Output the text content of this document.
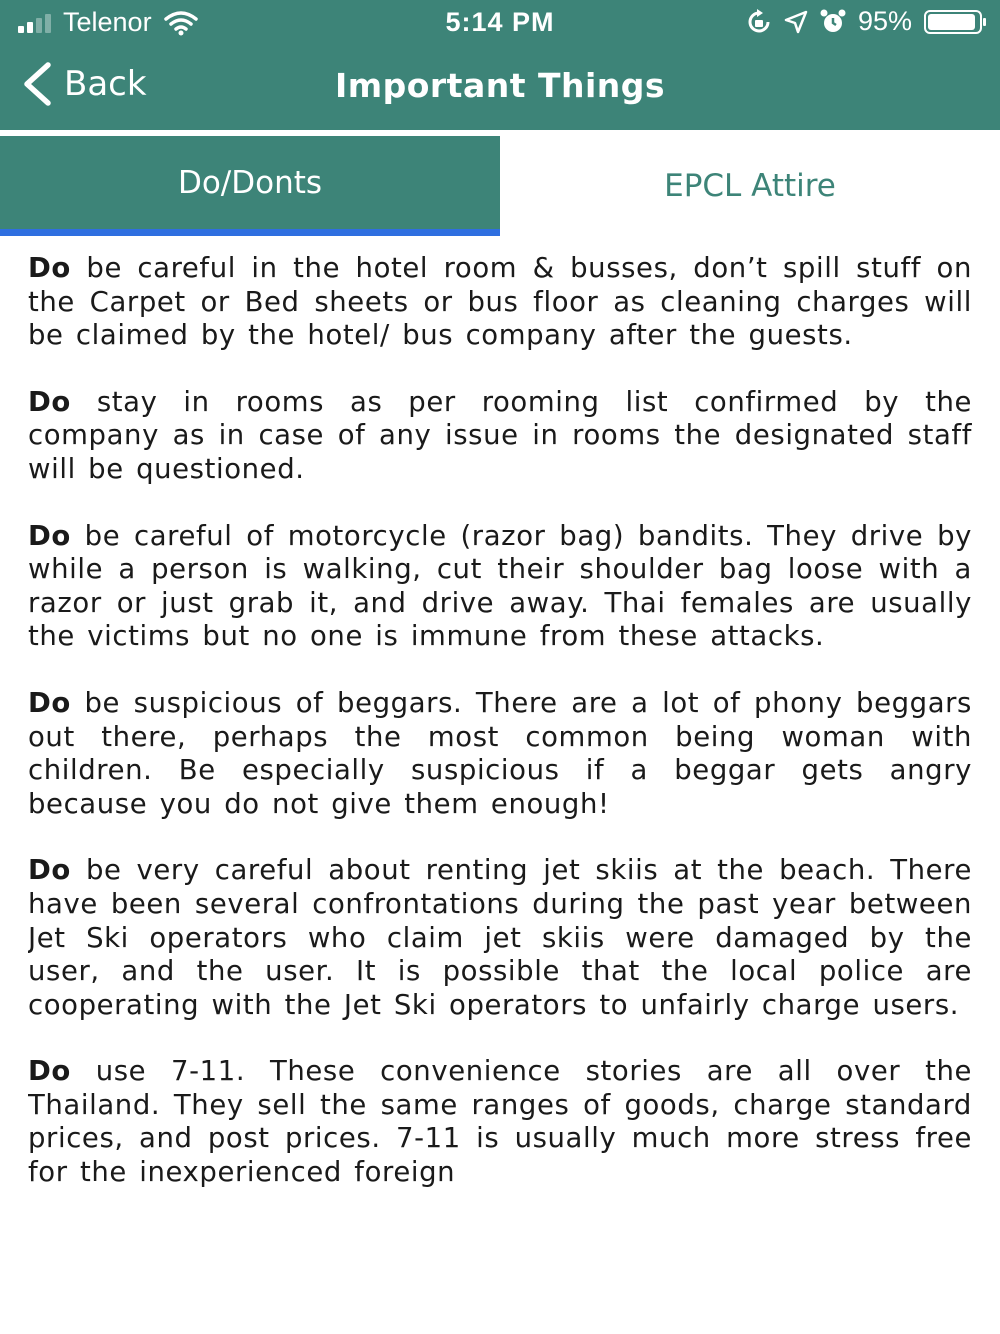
Telenor	5:14 PM	95%
Back	Important Things
Do/Donts	EPCL Attire

Do be careful in the hotel room & busses, don’t spill stuff on the Carpet or Bed sheets or bus floor as cleaning charges will be claimed by the hotel/ bus company after the guests.

Do stay in rooms as per rooming list confirmed by the company as in case of any issue in rooms the designated staff will be questioned.

Do be careful of motorcycle (razor bag) bandits. They drive by while a person is walking, cut their shoulder bag loose with a razor or just grab it, and drive away. Thai females are usually the victims but no one is immune from these attacks.

Do be suspicious of beggars. There are a lot of phony beggars out there, perhaps the most common being woman with children. Be especially suspicious if a beggar gets angry because you do not give them enough!

Do be very careful about renting jet skiis at the beach. There have been several confrontations during the past year between Jet Ski operators who claim jet skiis were damaged by the user, and the user. It is possible that the local police are cooperating with the Jet Ski operators to unfairly charge users.

Do use 7-11. These convenience stories are all over the Thailand. They sell the same ranges of goods, charge standard prices, and post prices. 7-11 is usually much more stress free for the inexperienced foreign
